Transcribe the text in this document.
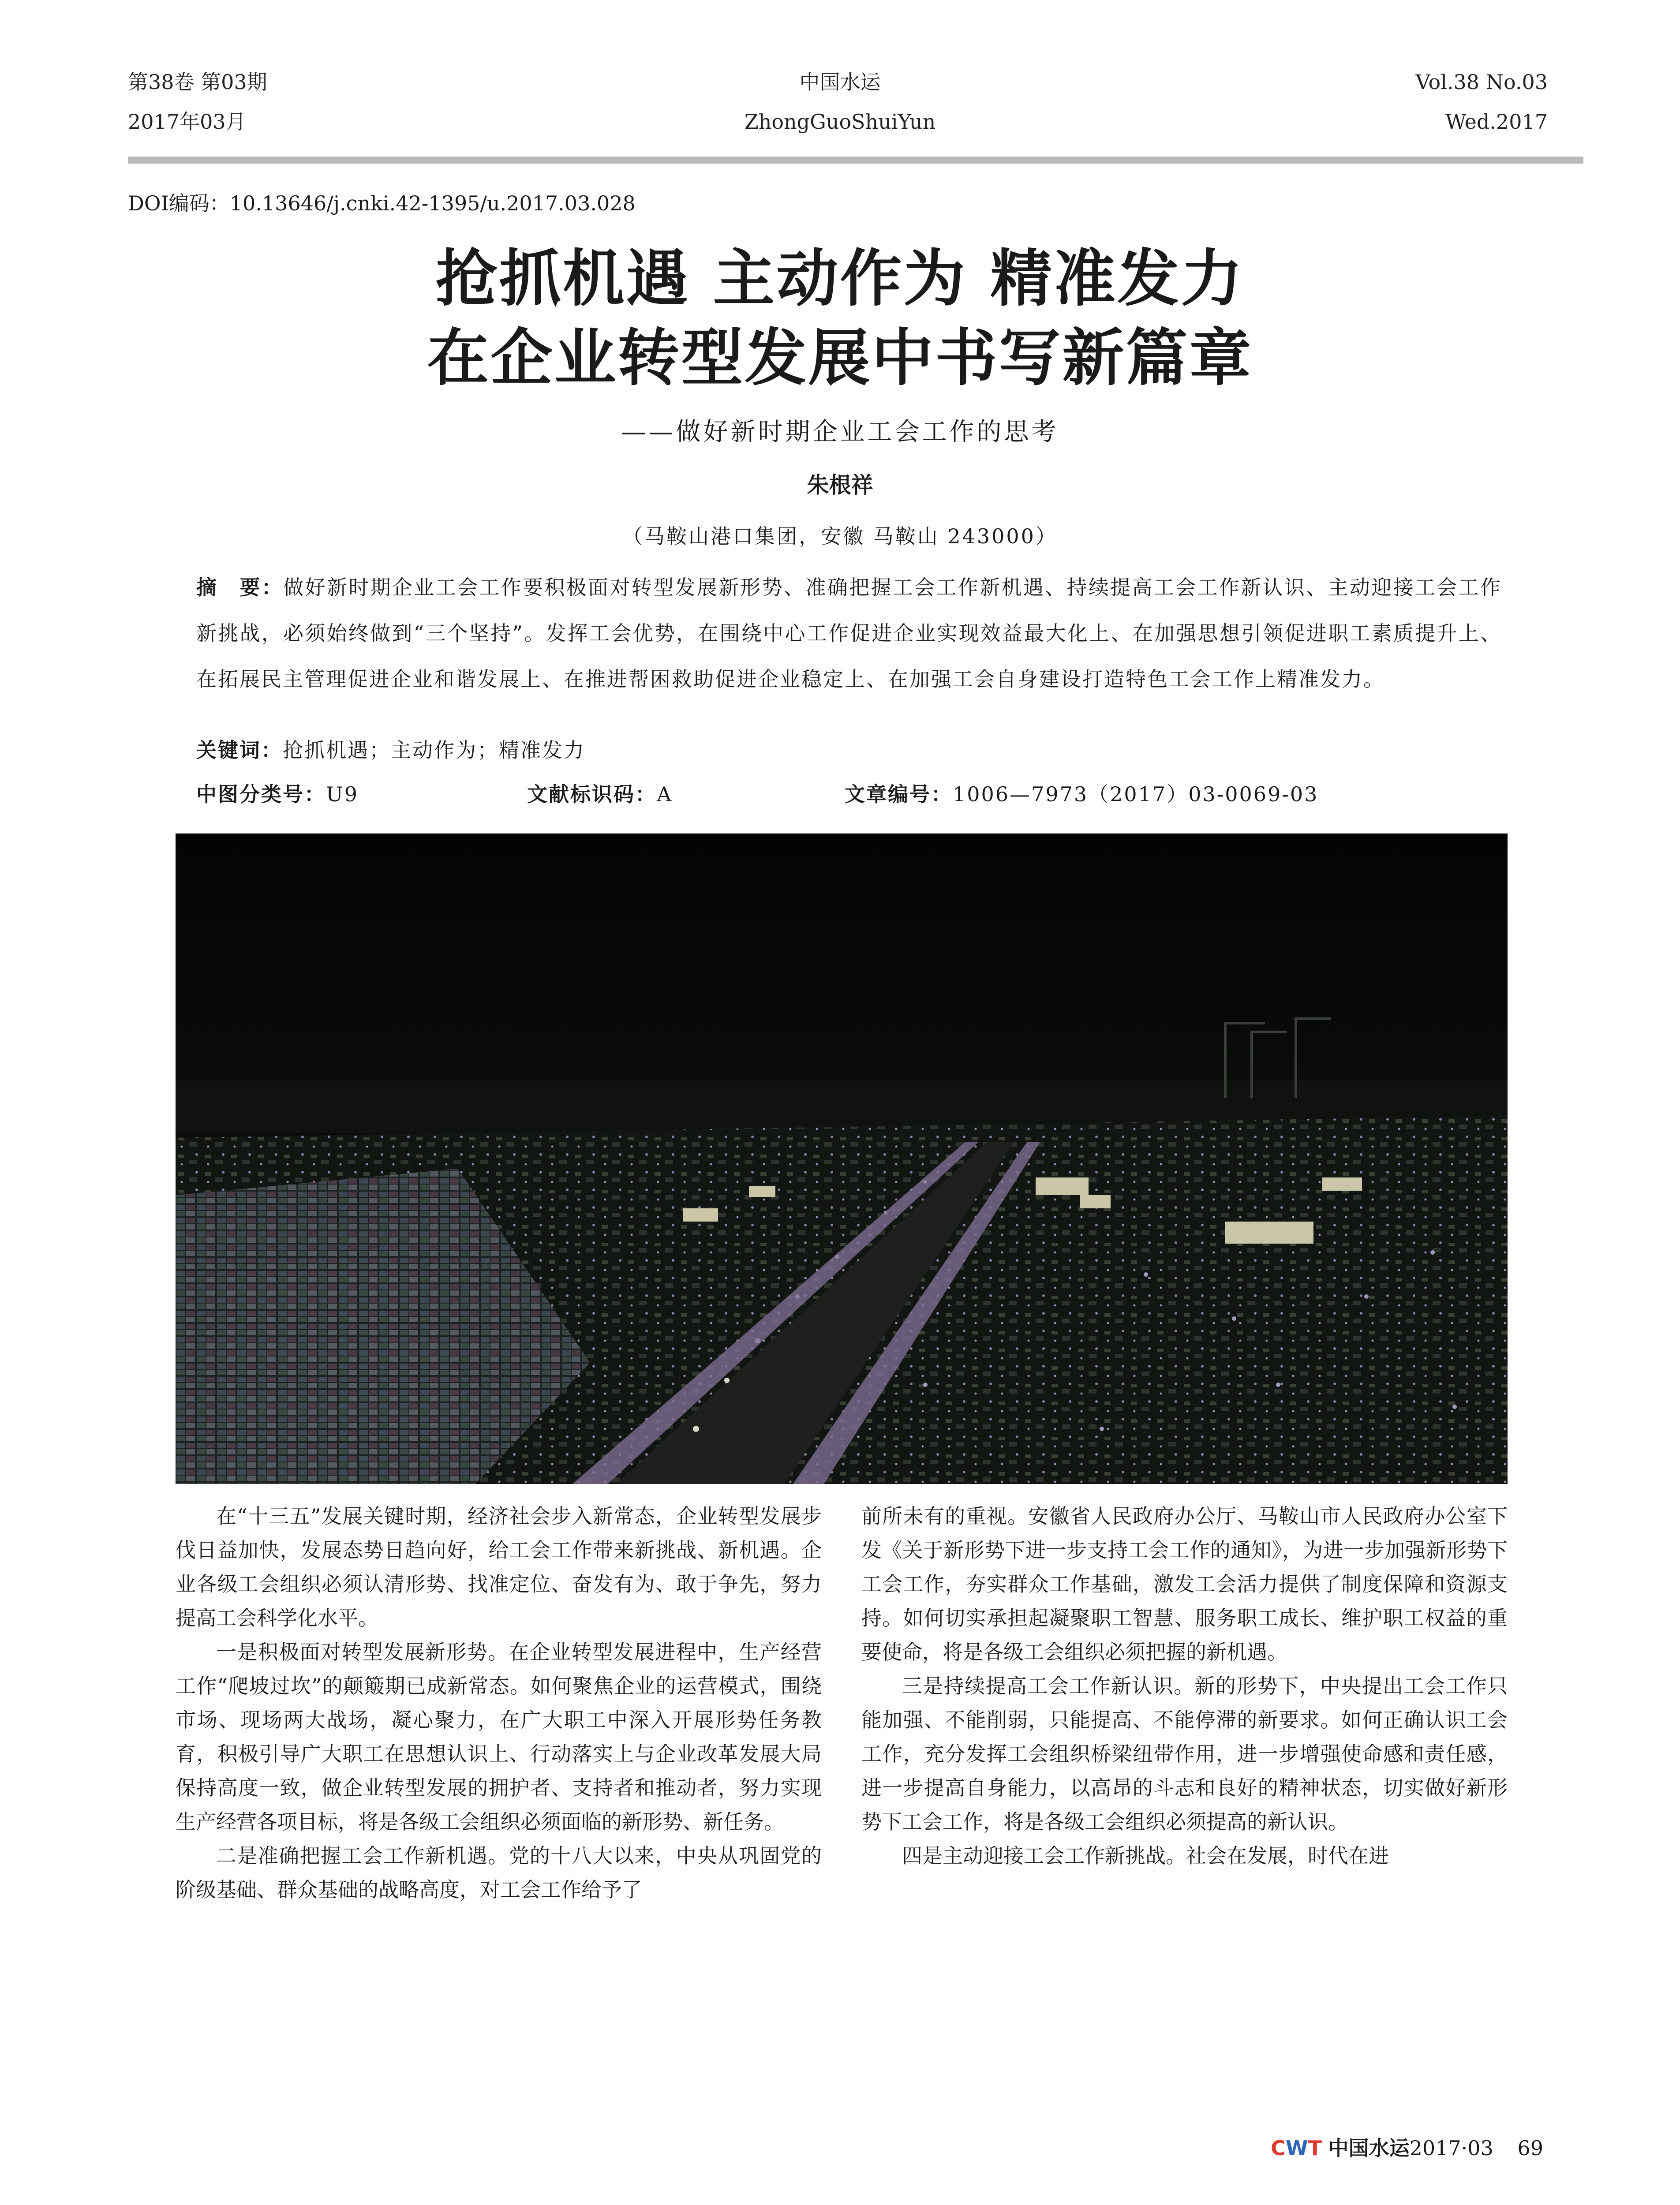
第38卷 第03期
2017年03月
中国水运
ZhongGuoShuiYun
Vol.38 No.03
Wed.2017
DOI编码：10.13646/j.cnki.42-1395/u.2017.03.028
抢抓机遇 主动作为 精准发力
在企业转型发展中书写新篇章
——做好新时期企业工会工作的思考
朱根祥
（马鞍山港口集团，安徽 马鞍山 243000）
摘　要：做好新时期企业工会工作要积极面对转型发展新形势、准确把握工会工作新机遇、持续提高工会工作新认识、主动迎接工会工作新挑战，必须始终做到“三个坚持”。发挥工会优势，在围绕中心工作促进企业实现效益最大化上、在加强思想引领促进职工素质提升上、在拓展民主管理促进企业和谐发展上、在推进帮困救助促进企业稳定上、在加强工会自身建设打造特色工会工作上精准发力。
关键词：抢抓机遇；主动作为；精准发力
中图分类号：U9	文献标识码：A	文章编号：1006—7973（2017）03-0069-03

在“十三五”发展关键时期，经济社会步入新常态，企业转型发展步伐日益加快，发展态势日趋向好，给工会工作带来新挑战、新机遇。企业各级工会组织必须认清形势、找准定位、奋发有为、敢于争先，努力提高工会科学化水平。

一是积极面对转型发展新形势。在企业转型发展进程中，生产经营工作“爬坡过坎”的颠簸期已成新常态。如何聚焦企业的运营模式，围绕市场、现场两大战场，凝心聚力，在广大职工中深入开展形势任务教育，积极引导广大职工在思想认识上、行动落实上与企业改革发展大局保持高度一致，做企业转型发展的拥护者、支持者和推动者，努力实现生产经营各项目标，将是各级工会组织必须面临的新形势、新任务。

二是准确把握工会工作新机遇。党的十八大以来，中央从巩固党的阶级基础、群众基础的战略高度，对工会工作给予了

前所未有的重视。安徽省人民政府办公厅、马鞍山市人民政府办公室下发《关于新形势下进一步支持工会工作的通知》，为进一步加强新形势下工会工作，夯实群众工作基础，激发工会活力提供了制度保障和资源支持。如何切实承担起凝聚职工智慧、服务职工成长、维护职工权益的重要使命，将是各级工会组织必须把握的新机遇。

三是持续提高工会工作新认识。新的形势下，中央提出工会工作只能加强、不能削弱，只能提高、不能停滞的新要求。如何正确认识工会工作，充分发挥工会组织桥梁纽带作用，进一步增强使命感和责任感，进一步提高自身能力，以高昂的斗志和良好的精神状态，切实做好新形势下工会工作，将是各级工会组织必须提高的新认识。

四是主动迎接工会工作新挑战。社会在发展，时代在进

CWT 中国水运2017·03 69
